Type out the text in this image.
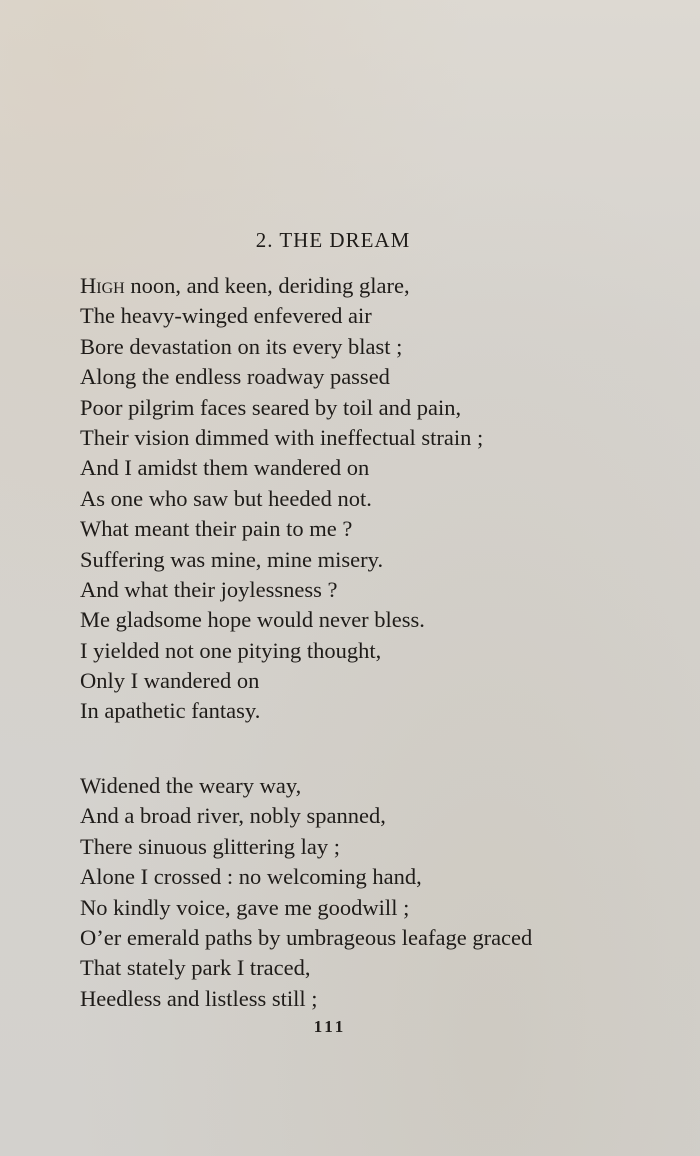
2. THE DREAM
High noon, and keen, deriding glare,
The heavy-winged enfevered air
Bore devastation on its every blast ;
Along the endless roadway passed
Poor pilgrim faces seared by toil and pain,
Their vision dimmed with ineffectual strain ;
And I amidst them wandered on
As one who saw but heeded not.
What meant their pain to me ?
Suffering was mine, mine misery.
And what their joylessness ?
Me gladsome hope would never bless.
I yielded not one pitying thought,
Only I wandered on
In apathetic fantasy.
Widened the weary way,
And a broad river, nobly spanned,
There sinuous glittering lay ;
Alone I crossed : no welcoming hand,
No kindly voice, gave me goodwill ;
O’er emerald paths by umbrageous leafage graced
That stately park I traced,
Heedless and listless still ;
111
